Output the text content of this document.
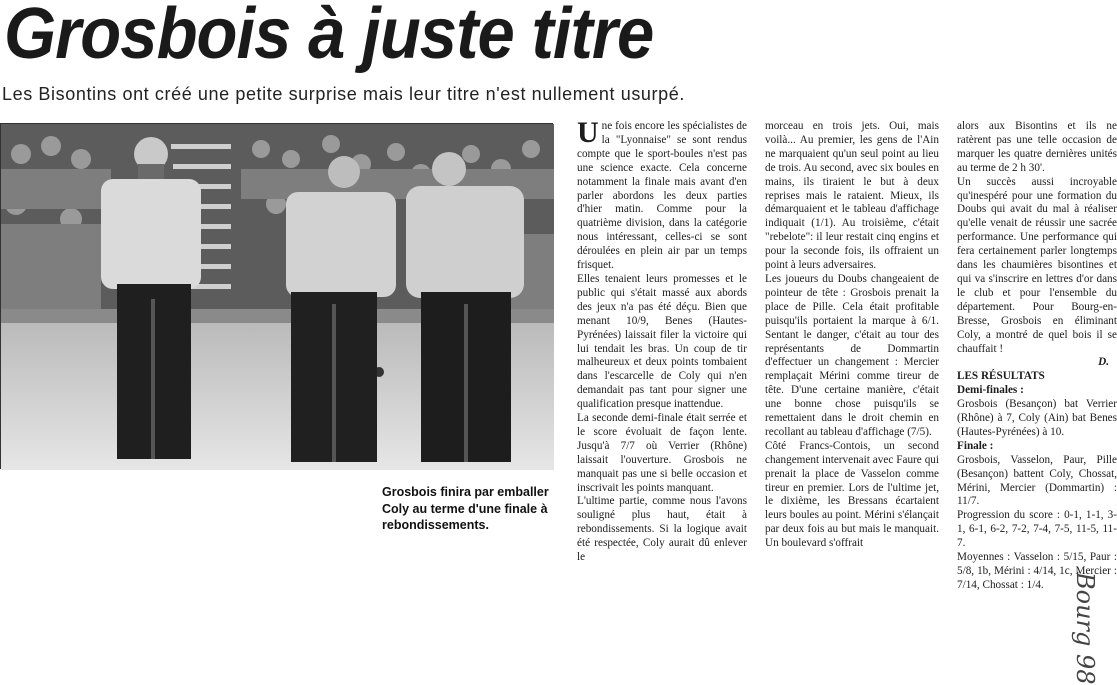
Grosbois à juste titre

Les Bisontins ont créé une petite surprise mais leur titre n'est nullement usurpé.

Grosbois finira par emballer Coly au terme d'une finale à rebondissements.

Une fois encore les spécialistes de la "Lyonnaise" se sont rendus compte que le sport-boules n'est pas une science exacte. Cela concerne notamment la finale mais avant d'en parler abordons les deux parties d'hier matin. Comme pour la quatrième division, dans la catégorie nous intéressant, celles-ci se sont déroulées en plein air par un temps frisquet.

Elles tenaient leurs promesses et le public qui s'était massé aux abords des jeux n'a pas été déçu. Bien que menant 10/9, Benes (Hautes-Pyrénées) laissait filer la victoire qui lui tendait les bras. Un coup de tir malheureux et deux points tombaient dans l'escarcelle de Coly qui n'en demandait pas tant pour signer une qualification presque inattendue.

La seconde demi-finale était serrée et le score évoluait de façon lente. Jusqu'à 7/7 où Verrier (Rhône) laissait l'ouverture. Grosbois ne manquait pas une si belle occasion et inscrivait les points manquant.

L'ultime partie, comme nous l'avons souligné plus haut, était à rebondissements. Si la logique avait été respectée, Coly aurait dû enlever le

morceau en trois jets. Oui, mais voilà... Au premier, les gens de l'Ain ne marquaient qu'un seul point au lieu de trois. Au second, avec six boules en mains, ils tiraient le but à deux reprises mais le rataient. Mieux, ils démarquaient et le tableau d'affichage indiquait (1/1). Au troisième, c'était "rebelote": il leur restait cinq engins et pour la seconde fois, ils offraient un point à leurs adversaires.

Les joueurs du Doubs changeaient de pointeur de tête : Grosbois prenait la place de Pille. Cela était profitable puisqu'ils portaient la marque à 6/1. Sentant le danger, c'était au tour des représentants de Dommartin d'effectuer un changement : Mercier remplaçait Mérini comme tireur de tête. D'une certaine manière, c'était une bonne chose puisqu'ils se remettaient dans le droit chemin en recollant au tableau d'affichage (7/5).

Côté Francs-Contois, un second changement intervenait avec Faure qui prenait la place de Vasselon comme tireur en premier. Lors de l'ultime jet, le dixième, les Bressans écartaient leurs boules au point. Mérini s'élançait par deux fois au but mais le manquait. Un boulevard s'offrait

alors aux Bisontins et ils ne ratèrent pas une telle occasion de marquer les quatre dernières unités au terme de 2 h 30'.

Un succès aussi incroyable qu'inespéré pour une formation du Doubs qui avait du mal à réaliser qu'elle venait de réussir une sacrée performance. Une performance qui fera certainement parler longtemps dans les chaumières bisontines et qui va s'inscrire en lettres d'or dans le club et pour l'ensemble du département. Pour Bourg-en-Bresse, Grosbois en éliminant Coly, a montré de quel bois il se chauffait !

D.

LES RÉSULTATS

Demi-finales :

Grosbois (Besançon) bat Verrier (Rhône) à 7, Coly (Ain) bat Benes (Hautes-Pyrénées) à 10.

Finale :

Grosbois, Vasselon, Paur, Pille (Besançon) battent Coly, Chossat, Mérini, Mercier (Dommartin) : 11/7.

Progression du score : 0-1, 1-1, 3-1, 6-1, 6-2, 7-2, 7-4, 7-5, 11-5, 11-7.

Moyennes : Vasselon : 5/15, Paur : 5/8, 1b, Mérini : 4/14, 1c, Mercier : 7/14, Chossat : 1/4.	Bourg 98
